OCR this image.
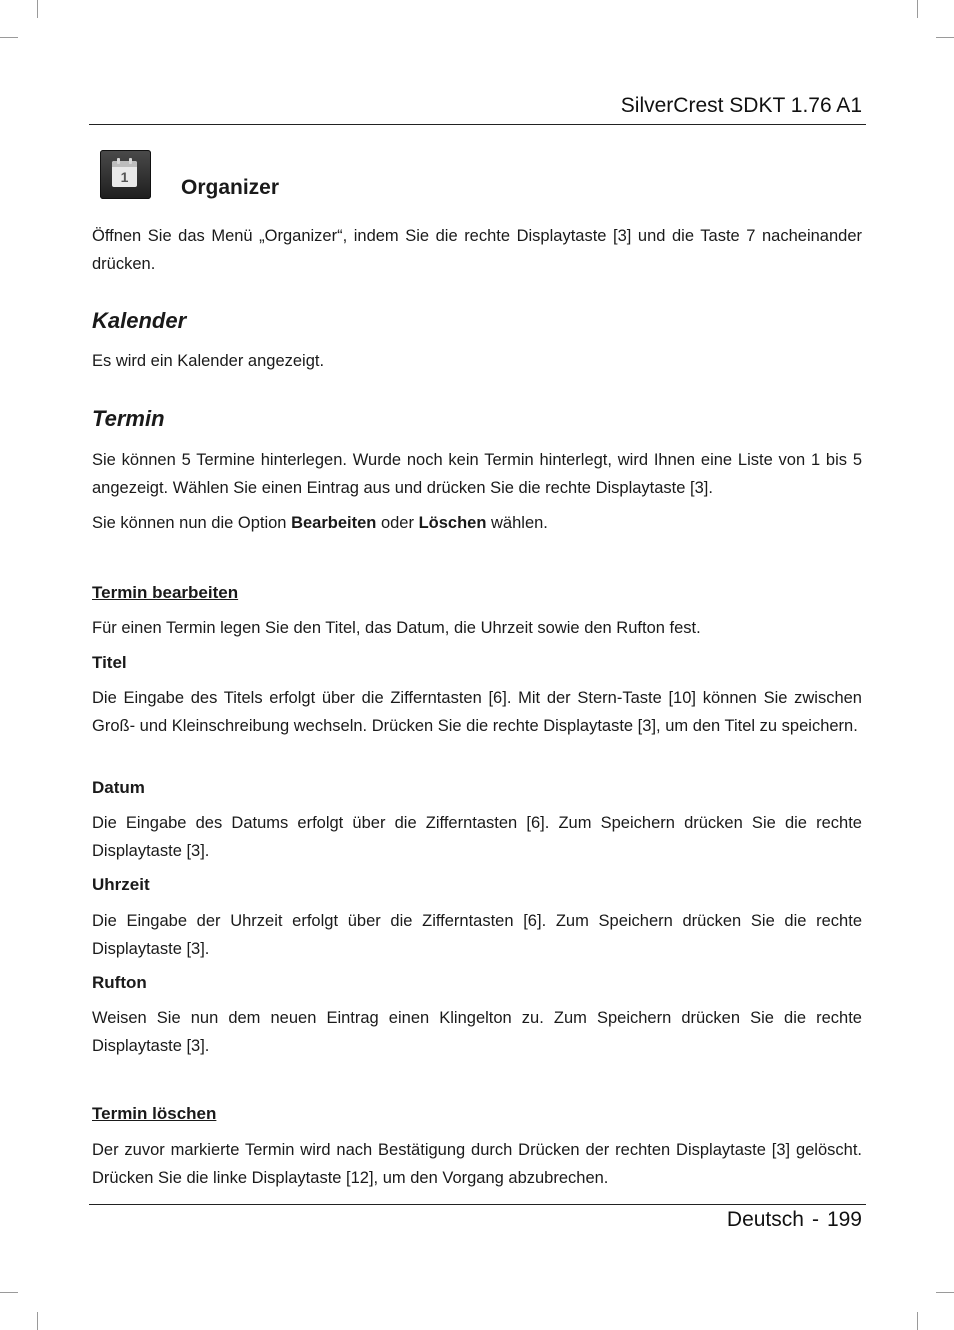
SilverCrest SDKT 1.76 A1
1	Organizer

Öffnen Sie das Menü „Organizer“, indem Sie die rechte Displaytaste [3] und die Taste 7 nacheinander drücken.

Kalender

Es wird ein Kalender angezeigt.

Termin

Sie können 5 Termine hinterlegen. Wurde noch kein Termin hinterlegt, wird Ihnen eine Liste von 1 bis 5 angezeigt. Wählen Sie einen Eintrag aus und drücken Sie die rechte Displaytaste [3].

Sie können nun die Option Bearbeiten oder Löschen wählen.

Termin bearbeiten

Für einen Termin legen Sie den Titel, das Datum, die Uhrzeit sowie den Rufton fest.

Titel

Die Eingabe des Titels erfolgt über die Zifferntasten [6]. Mit der Stern-Taste [10] können Sie zwischen Groß- und Kleinschreibung wechseln. Drücken Sie die rechte Displaytaste [3], um den Titel zu speichern.

Datum

Die Eingabe des Datums erfolgt über die Zifferntasten [6]. Zum Speichern drücken Sie die rechte Displaytaste [3].

Uhrzeit

Die Eingabe der Uhrzeit erfolgt über die Zifferntasten [6]. Zum Speichern drücken Sie die rechte Displaytaste [3].

Rufton

Weisen Sie nun dem neuen Eintrag einen Klingelton zu. Zum Speichern drücken Sie die rechte Displaytaste [3].

Termin löschen

Der zuvor markierte Termin wird nach Bestätigung durch Drücken der rechten Displaytaste [3] gelöscht. Drücken Sie die linke Displaytaste [12], um den Vorgang abzubrechen.

Deutsch - 199
